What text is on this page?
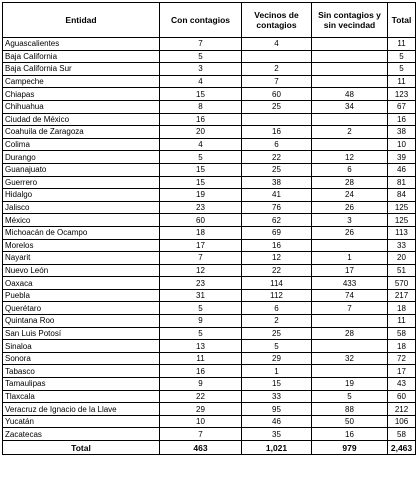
Entidad	Con contagios	Vecinos de contagios	Sin contagios y sin vecindad	Total
Aguascalientes	7	4		11
Baja California	5			5
Baja California Sur	3	2		5
Campeche	4	7		11
Chiapas	15	60	48	123
Chihuahua	8	25	34	67
Ciudad de México	16			16
Coahuila de Zaragoza	20	16	2	38
Colima	4	6		10
Durango	5	22	12	39
Guanajuato	15	25	6	46
Guerrero	15	38	28	81
Hidalgo	19	41	24	84
Jalisco	23	76	26	125
México	60	62	3	125
Michoacán de Ocampo	18	69	26	113
Morelos	17	16		33
Nayarit	7	12	1	20
Nuevo León	12	22	17	51
Oaxaca	23	114	433	570
Puebla	31	112	74	217
Querétaro	5	6	7	18
Quintana Roo	9	2		11
San Luis Potosí	5	25	28	58
Sinaloa	13	5		18
Sonora	11	29	32	72
Tabasco	16	1		17
Tamaulipas	9	15	19	43
Tlaxcala	22	33	5	60
Veracruz de Ignacio de la Llave	29	95	88	212
Yucatán	10	46	50	106
Zacatecas	7	35	16	58
Total	463	1,021	979	2,463
